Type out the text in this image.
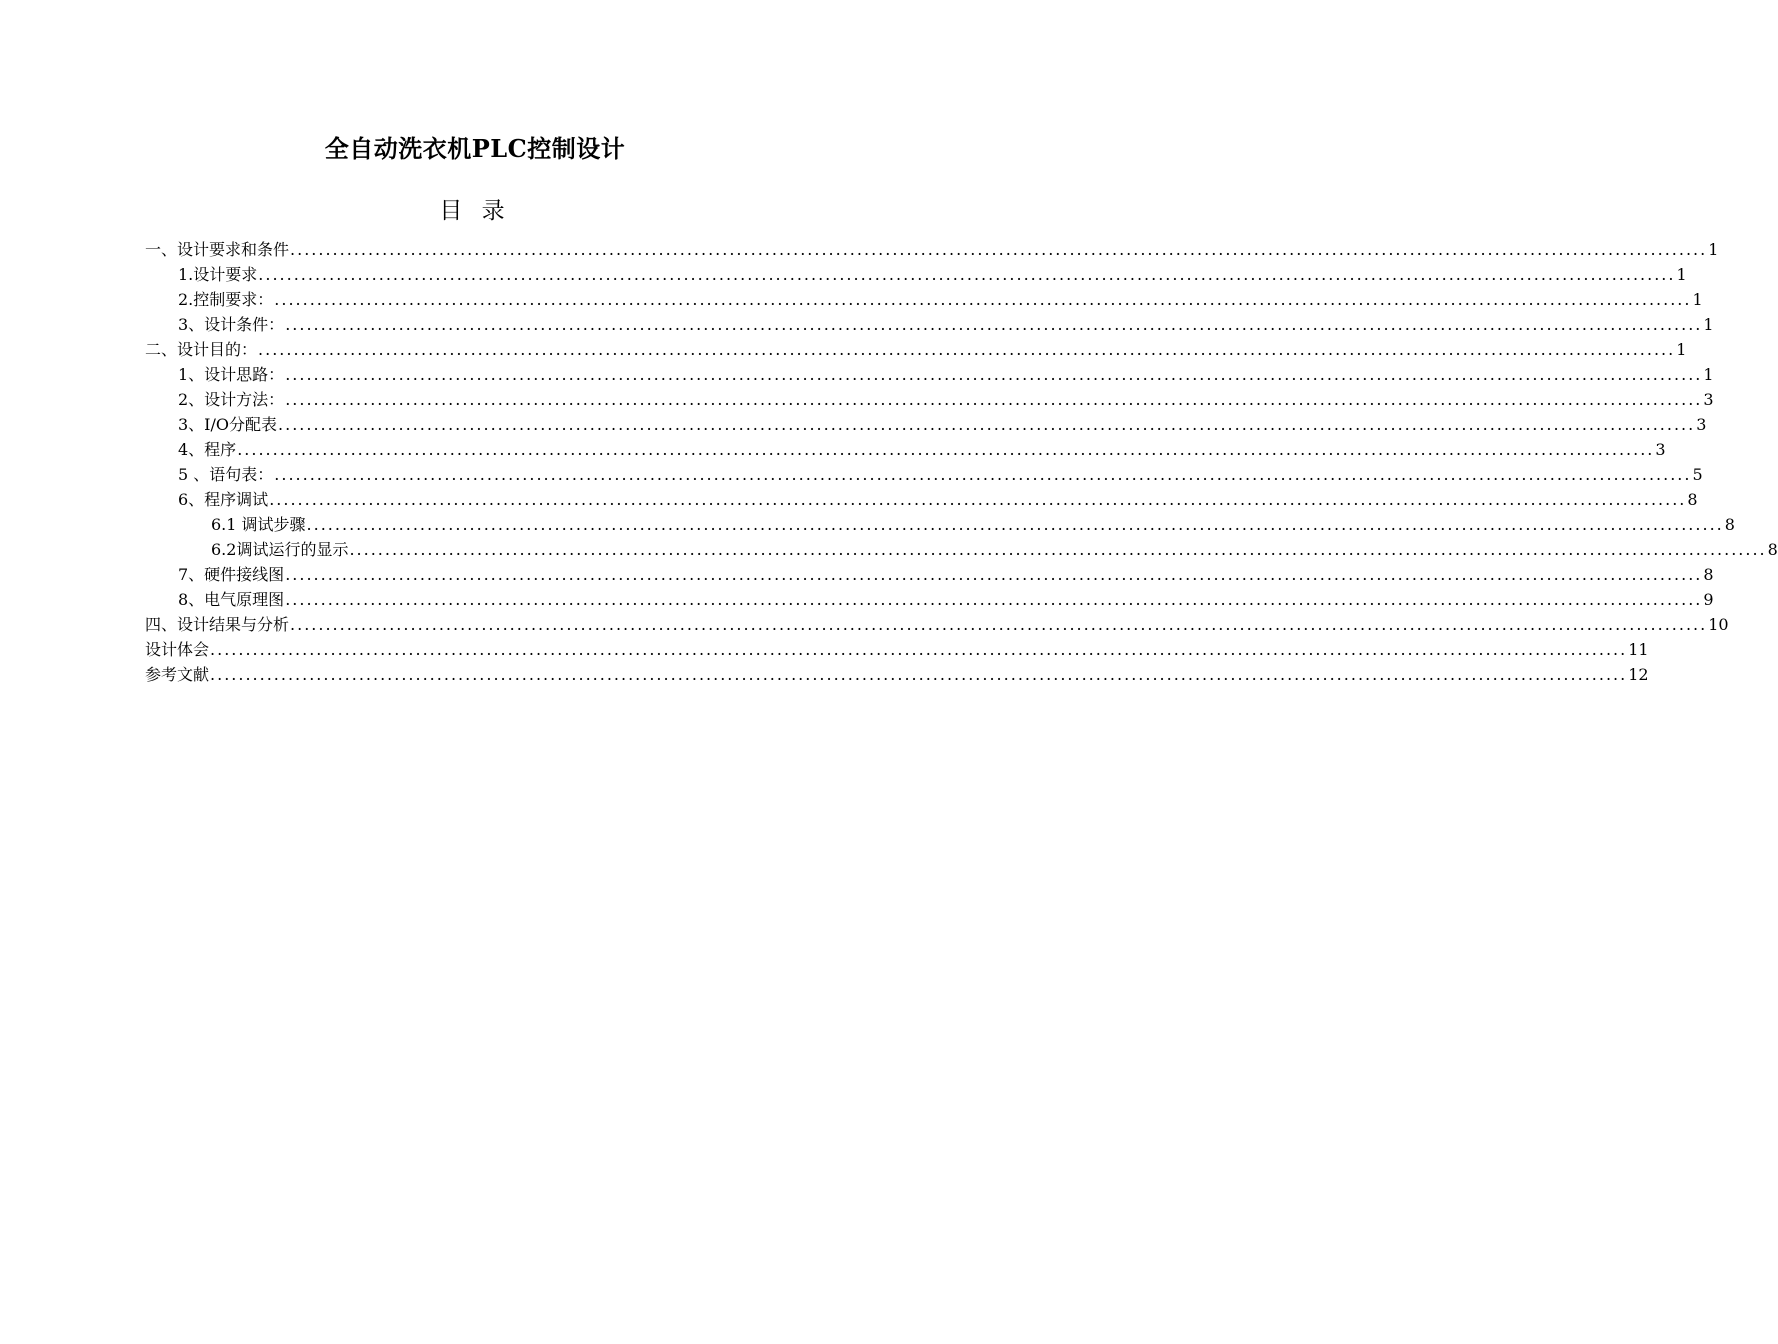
全自动洗衣机PLC控制设计
目 录
一、设计要求和条件 ........................................................................................................................................................................................................ 1
1.设计要求 ........................................................................................................................................................................................................ 1
2.控制要求： ........................................................................................................................................................................................................ 1
3、设计条件： ........................................................................................................................................................................................................ 1
二、设计目的： ........................................................................................................................................................................................................ 1
1、设计思路： ........................................................................................................................................................................................................ 1
2、设计方法： ........................................................................................................................................................................................................ 3
3、I/O分配表 ........................................................................................................................................................................................................ 3
4、程序 ........................................................................................................................................................................................................ 3
5 、语句表： ........................................................................................................................................................................................................ 5
6、程序调试 ........................................................................................................................................................................................................ 8
6.1 调试步骤 ........................................................................................................................................................................................................ 8
6.2调试运行的显示 ........................................................................................................................................................................................................ 8
7、硬件接线图 ........................................................................................................................................................................................................ 8
8、电气原理图 ........................................................................................................................................................................................................ 9
四、设计结果与分析 ........................................................................................................................................................................................................ 10
设计体会 ........................................................................................................................................................................................................ 11
参考文献 ........................................................................................................................................................................................................ 12
